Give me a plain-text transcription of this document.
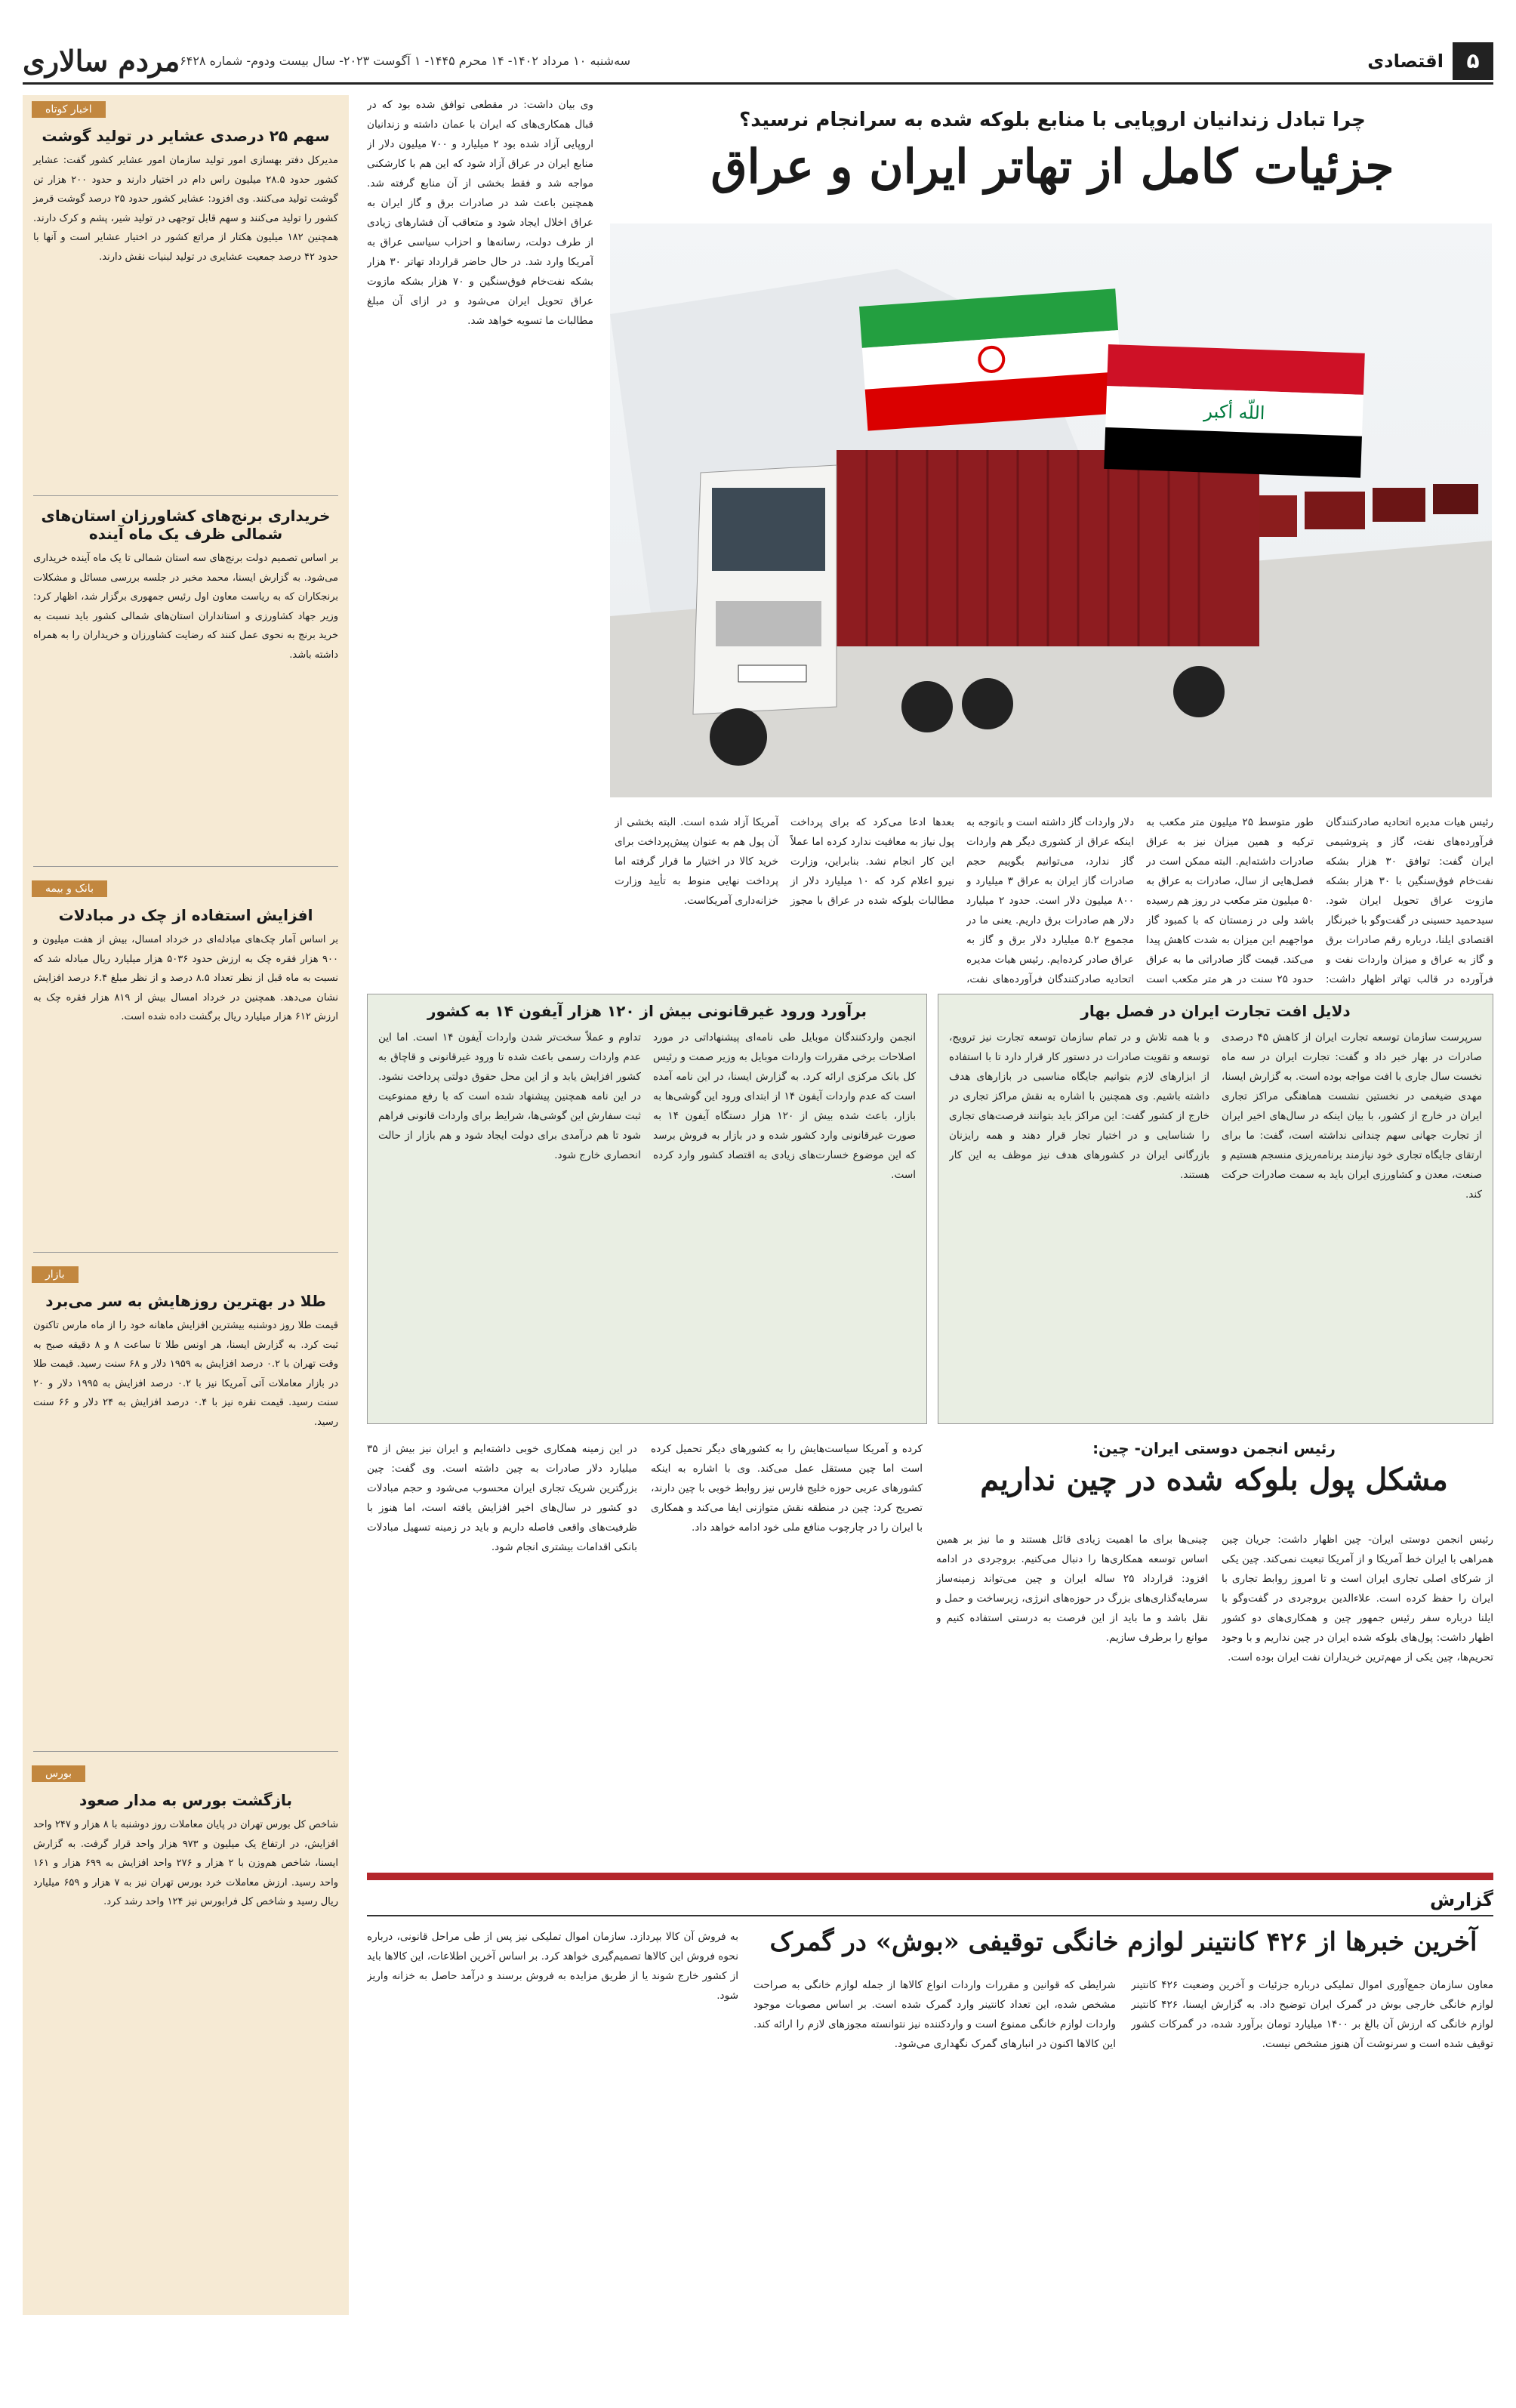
۵
اقتصادی
سه‌شنبه ۱۰ مرداد ۱۴۰۲- ۱۴ محرم ۱۴۴۵- ۱ آگوست ۲۰۲۳- سال بیست ودوم- شماره ۶۴۲۸
مردم سالاری
اخبار کوتاه
سهم ۲۵ درصدی عشایر در تولید گوشت
مدیرکل دفتر بهسازی امور تولید سازمان امور عشایر کشور گفت: عشایر کشور حدود ۲۸.۵ میلیون راس دام در اختیار دارند و حدود ۲۰۰ هزار تن گوشت تولید می‌کنند. وی افزود: عشایر کشور حدود ۲۵ درصد گوشت قرمز کشور را تولید می‌کنند و سهم قابل توجهی در تولید شیر، پشم و کرک دارند. همچنین ۱۸۲ میلیون هکتار از مراتع کشور در اختیار عشایر است و آنها با حدود ۴۲ درصد جمعیت عشایری در تولید لبنیات نقش دارند.
خریداری برنج‌های کشاورزان استان‌های شمالی ظرف یک ماه آینده
بر اساس تصمیم دولت برنج‌های سه استان شمالی تا یک ماه آینده خریداری می‌شود. به گزارش ایسنا، محمد مخبر در جلسه بررسی مسائل و مشکلات برنجکاران که به ریاست معاون اول رئیس جمهوری برگزار شد، اظهار کرد: وزیر جهاد کشاورزی و استانداران استان‌های شمالی کشور باید نسبت به خرید برنج به نحوی عمل کنند که رضایت کشاورزان و خریداران را به همراه داشته باشد.
بانک و بیمه
افزایش استفاده از چک در مبادلات
بر اساس آمار چک‌های مبادله‌ای در خرداد امسال، بیش از هفت میلیون و ۹۰۰ هزار فقره چک به ارزش حدود ۵۰۳۶ هزار میلیارد ریال مبادله شد که نسبت به ماه قبل از نظر تعداد ۸.۵ درصد و از نظر مبلغ ۶.۴ درصد افزایش نشان می‌دهد. همچنین در خرداد امسال بیش از ۸۱۹ هزار فقره چک به ارزش ۶۱۲ هزار میلیارد ریال برگشت داده شده است.
بازار
طلا در بهترین روزهایش به سر می‌برد
قیمت طلا روز دوشنبه بیشترین افزایش ماهانه خود را از ماه مارس تاکنون ثبت کرد. به گزارش ایسنا، هر اونس طلا تا ساعت ۸ و ۸ دقیقه صبح به وقت تهران با ۰.۲ درصد افزایش به ۱۹۵۹ دلار و ۶۸ سنت رسید. قیمت طلا در بازار معاملات آتی آمریکا نیز با ۰.۲ درصد افزایش به ۱۹۹۵ دلار و ۲۰ سنت رسید. قیمت نقره نیز با ۰.۴ درصد افزایش به ۲۴ دلار و ۶۶ سنت رسید.
بورس
بازگشت بورس به مدار صعود
شاخص کل بورس تهران در پایان معاملات روز دوشنبه با ۸ هزار و ۲۴۷ واحد افزایش، در ارتفاع یک میلیون و ۹۷۳ هزار واحد قرار گرفت. به گزارش ایسنا، شاخص هم‌وزن با ۲ هزار و ۲۷۶ واحد افزایش به ۶۹۹ هزار و ۱۶۱ واحد رسید. ارزش معاملات خرد بورس تهران نیز به ۷ هزار و ۶۵۹ میلیارد ریال رسید و شاخص کل فرابورس نیز ۱۲۴ واحد رشد کرد.
چرا تبادل زندانیان اروپایی با منابع بلوکه شده به سرانجام نرسید؟
جزئیات کامل از تهاتر ایران و عراق
وی بیان داشت: در مقطعی توافق شده بود که در قبال همکاری‌های که ایران با عمان داشته و زندانیان اروپایی آزاد شده بود ۲ میلیارد و ۷۰۰ میلیون دلار از منابع ایران در عراق آزاد شود که این هم با کارشکنی مواجه شد و فقط بخشی از آن منابع گرفته شد. همچنین باعث شد در صادرات برق و گاز ایران به عراق اخلال ایجاد شود و متعاقب آن فشارهای زیادی از طرف دولت، رسانه‌ها و احزاب سیاسی عراق به آمریکا وارد شد. در حال حاضر قرارداد تهاتر ۳۰ هزار بشکه نفت‌خام فوق‌سنگین و ۷۰ هزار بشکه مازوت عراق تحویل ایران می‌شود و در ازای آن مبلغ مطالبات ما تسویه خواهد شد.
اللّه أكبر
رئیس هیات مدیره اتحادیه صادرکنندگان فرآورده‌های نفت، گاز و پتروشیمی ایران گفت: توافق ۳۰ هزار بشکه نفت‌خام فوق‌سنگین با ۳۰ هزار بشکه مازوت عراق تحویل ایران شود. سیدحمید حسینی در گفت‌وگو با خبرنگار اقتصادی ایلنا، درباره رقم صادرات برق و گاز به عراق و میزان واردات نفت و فرآورده در قالب تهاتر اظهار داشت:
طور متوسط ۲۵ میلیون متر مکعب به ترکیه و همین میزان نیز به عراق صادرات داشته‌ایم. البته ممکن است در فصل‌هایی از سال، صادرات به عراق به ۵۰ میلیون متر مکعب در روز هم رسیده باشد ولی در زمستان که با کمبود گاز مواجهیم این میزان به شدت کاهش پیدا می‌کند. قیمت گاز صادراتی ما به عراق حدود ۲۵ سنت در هر متر مکعب است
دلار واردات گاز داشته است و باتوجه به اینکه عراق از کشوری دیگر هم واردات گاز ندارد، می‌توانیم بگوییم حجم صادرات گاز ایران به عراق ۳ میلیارد و ۸۰۰ میلیون دلار است. حدود ۲ میلیارد دلار هم صادرات برق داریم. یعنی ما در مجموع ۵.۲ میلیارد دلار برق و گاز به عراق صادر کرده‌ایم. رئیس هیات مدیره اتحادیه صادرکنندگان فرآورده‌های نفت،
بعدها ادعا می‌کرد که برای پرداخت پول نیاز به معافیت ندارد کرده اما عملاً این کار انجام نشد. بنابراین، وزارت نیرو اعلام کرد که ۱۰ میلیارد دلار از مطالبات بلوکه شده در عراق با مجوز آمریکا آزاد شده است. البته بخشی از آن پول هم به عنوان پیش‌پرداخت برای خرید کالا در اختیار ما قرار گرفته اما پرداخت نهایی منوط به تأیید وزارت خزانه‌داری آمریکاست.
دلایل افت تجارت ایران در فصل بهار
سرپرست سازمان توسعه تجارت ایران از کاهش ۴۵ درصدی صادرات در بهار خبر داد و گفت: تجارت ایران در سه ماه نخست سال جاری با افت مواجه بوده است. به گزارش ایسنا، مهدی ضیغمی در نخستین نشست هماهنگی مراکز تجاری ایران در خارج از کشور، با بیان اینکه در سال‌های اخیر ایران از تجارت جهانی سهم چندانی نداشته است، گفت: ما برای ارتقای جایگاه تجاری خود نیازمند برنامه‌ریزی منسجم هستیم و صنعت، معدن و کشاورزی ایران باید به سمت صادرات حرکت کند.
و با همه تلاش و در تمام سازمان توسعه تجارت نیز ترویج، توسعه و تقویت صادرات در دستور کار قرار دارد تا با استفاده از ابزارهای لازم بتوانیم جایگاه مناسبی در بازارهای هدف داشته باشیم. وی همچنین با اشاره به نقش مراکز تجاری در خارج از کشور گفت: این مراکز باید بتوانند فرصت‌های تجاری را شناسایی و در اختیار تجار قرار دهند و همه رایزنان بازرگانی ایران در کشورهای هدف نیز موظف به این کار هستند.
برآورد ورود غیرقانونی بیش از ۱۲۰ هزار آیفون ۱۴ به کشور
انجمن واردکنندگان موبایل طی نامه‌ای پیشنهاداتی در مورد اصلاحات برخی مقررات واردات موبایل به وزیر صمت و رئیس کل بانک مرکزی ارائه کرد. به گزارش ایسنا، در این نامه آمده است که عدم واردات آیفون ۱۴ از ابتدای ورود این گوشی‌ها به بازار، باعث شده بیش از ۱۲۰ هزار دستگاه آیفون ۱۴ به صورت غیرقانونی وارد کشور شده و در بازار به فروش برسد که این موضوع خسارت‌های زیادی به اقتصاد کشور وارد کرده است.
تداوم و عملاً سخت‌تر شدن واردات آیفون ۱۴ است. اما این عدم واردات رسمی باعث شده تا ورود غیرقانونی و قاچاق به کشور افزایش یابد و از این محل حقوق دولتی پرداخت نشود. در این نامه همچنین پیشنهاد شده است که با رفع ممنوعیت ثبت سفارش این گوشی‌ها، شرایط برای واردات قانونی فراهم شود تا هم درآمدی برای دولت ایجاد شود و هم بازار از حالت انحصاری خارج شود.
رئیس انجمن دوستی ایران- چین:
مشکل پول بلوکه شده در چین نداریم
رئیس انجمن دوستی ایران- چین اظهار داشت: جریان چین همراهی با ایران خط آمریکا و از آمریکا تبعیت نمی‌کند. چین یکی از شرکای اصلی تجاری ایران است و تا امروز روابط تجاری با ایران را حفظ کرده است. علاءالدین بروجردی در گفت‌وگو با ایلنا درباره سفر رئیس جمهور چین و همکاری‌های دو کشور اظهار داشت: پول‌های بلوکه شده ایران در چین نداریم و با وجود تحریم‌ها، چین یکی از مهم‌ترین خریداران نفت ایران بوده است.
چینی‌ها برای ما اهمیت زیادی قائل هستند و ما نیز بر همین اساس توسعه همکاری‌ها را دنبال می‌کنیم. بروجردی در ادامه افزود: قرارداد ۲۵ ساله ایران و چین می‌تواند زمینه‌ساز سرمایه‌گذاری‌های بزرگ در حوزه‌های انرژی، زیرساخت و حمل و نقل باشد و ما باید از این فرصت به درستی استفاده کنیم و موانع را برطرف سازیم.
کرده و آمریکا سیاست‌هایش را به کشورهای دیگر تحمیل کرده است اما چین مستقل عمل می‌کند. وی با اشاره به اینکه کشورهای عربی حوزه خلیج فارس نیز روابط خوبی با چین دارند، تصریح کرد: چین در منطقه نقش متوازنی ایفا می‌کند و همکاری با ایران را در چارچوب منافع ملی خود ادامه خواهد داد.
در این زمینه همکاری خوبی داشته‌ایم و ایران نیز بیش از ۳۵ میلیارد دلار صادرات به چین داشته است. وی گفت: چین بزرگترین شریک تجاری ایران محسوب می‌شود و حجم مبادلات دو کشور در سال‌های اخیر افزایش یافته است، اما هنوز با ظرفیت‌های واقعی فاصله داریم و باید در زمینه تسهیل مبادلات بانکی اقدامات بیشتری انجام شود.
گزارش
آخرین خبرها از ۴۲۶ کانتینر لوازم خانگی توقیفی «بوش» در گمرک
معاون سازمان جمع‌آوری اموال تملیکی درباره جزئیات و آخرین وضعیت ۴۲۶ کانتینر لوازم خانگی خارجی بوش در گمرک ایران توضیح داد. به گزارش ایسنا، ۴۲۶ کانتینر لوازم خانگی که ارزش آن بالغ بر ۱۴۰۰ میلیارد تومان برآورد شده، در گمرکات کشور توقیف شده است و سرنوشت آن هنوز مشخص نیست.
شرایطی که قوانین و مقررات واردات انواع کالاها از جمله لوازم خانگی به صراحت مشخص شده، این تعداد کانتینر وارد گمرک شده است. بر اساس مصوبات موجود واردات لوازم خانگی ممنوع است و واردکننده نیز نتوانسته مجوزهای لازم را ارائه کند. این کالاها اکنون در انبارهای گمرک نگهداری می‌شود.
به فروش آن کالا بپردازد. سازمان اموال تملیکی نیز پس از طی مراحل قانونی، درباره نحوه فروش این کالاها تصمیم‌گیری خواهد کرد. بر اساس آخرین اطلاعات، این کالاها باید از کشور خارج شوند یا از طریق مزایده به فروش برسند و درآمد حاصل به خزانه واریز شود.
